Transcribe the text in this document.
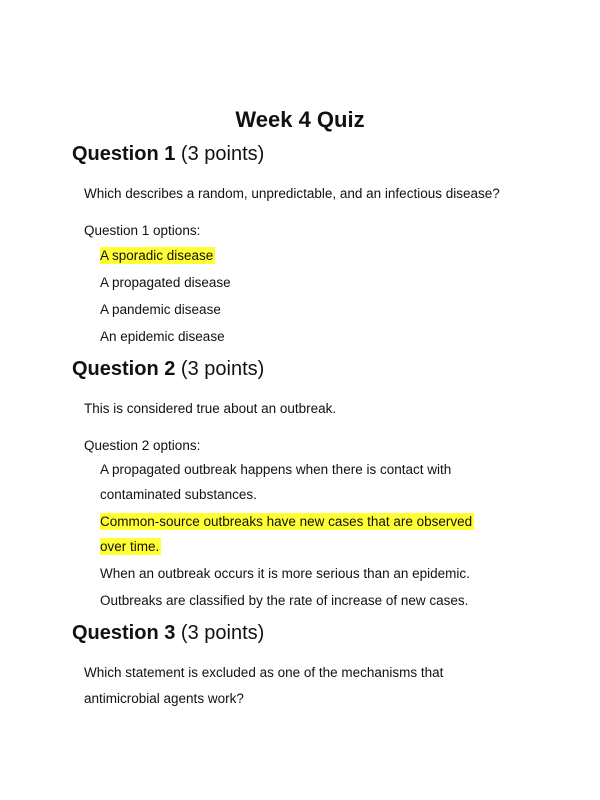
Week 4 Quiz
Question 1 (3 points)
Which describes a random, unpredictable, and an infectious disease?
Question 1 options:
A sporadic disease
A propagated disease
A pandemic disease
An epidemic disease
Question 2 (3 points)
This is considered true about an outbreak.
Question 2 options:
A propagated outbreak happens when there is contact with
contaminated substances.
Common-source outbreaks have new cases that are observed
over time.
When an outbreak occurs it is more serious than an epidemic.
Outbreaks are classified by the rate of increase of new cases.
Question 3 (3 points)
Which statement is excluded as one of the mechanisms that
antimicrobial agents work?
